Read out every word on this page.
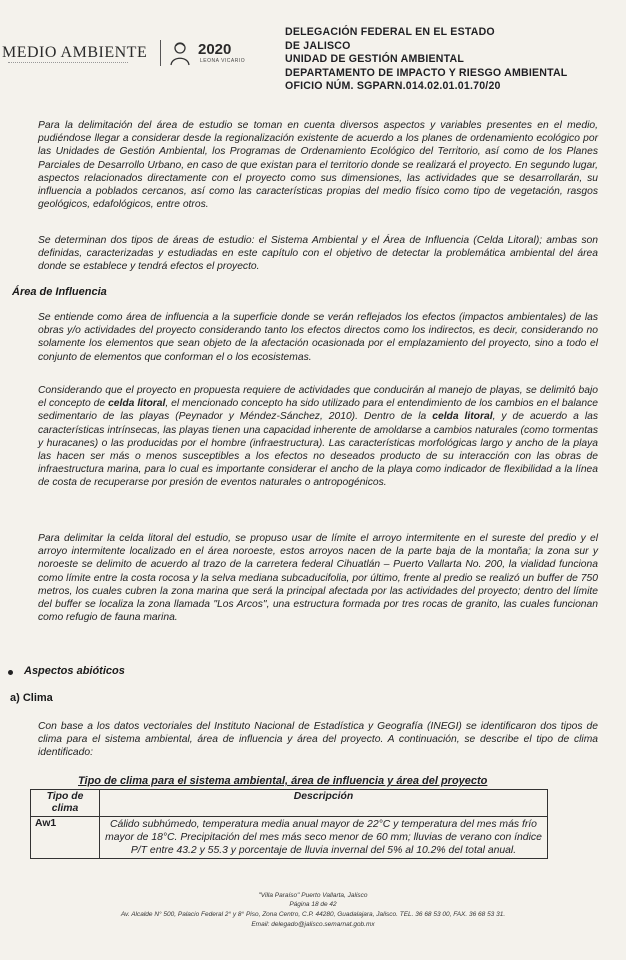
MEDIO AMBIENTE	2020
LEONA VICARIO
DELEGACIÓN FEDERAL EN EL ESTADO
DE JALISCO
UNIDAD DE GESTIÓN AMBIENTAL
DEPARTAMENTO DE IMPACTO Y RIESGO AMBIENTAL
OFICIO NÚM. SGPARN.014.02.01.01.70/20
Para la delimitación del área de estudio se toman en cuenta diversos aspectos y variables presentes en el medio, pudiéndose llegar a considerar desde la regionalización existente de acuerdo a los planes de ordenamiento ecológico por las Unidades de Gestión Ambiental, los Programas de Ordenamiento Ecológico del Territorio, así como de los Planes Parciales de Desarrollo Urbano, en caso de que existan para el territorio donde se realizará el proyecto. En segundo lugar, aspectos relacionados directamente con el proyecto como sus dimensiones, las actividades que se desarrollarán, su influencia a poblados cercanos, así como las características propias del medio físico como tipo de vegetación, rasgos geológicos, edafológicos, entre otros.
Se determinan dos tipos de áreas de estudio: el Sistema Ambiental y el Área de Influencia (Celda Litoral); ambas son definidas, caracterizadas y estudiadas en este capítulo con el objetivo de detectar la problemática ambiental del área donde se establece y tendrá efectos el proyecto.
Área de Influencia
Se entiende como área de influencia a la superficie donde se verán reflejados los efectos (impactos ambientales) de las obras y/o actividades del proyecto considerando tanto los efectos directos como los indirectos, es decir, considerando no solamente los elementos que sean objeto de la afectación ocasionada por el emplazamiento del proyecto, sino a todo el conjunto de elementos que conforman el o los ecosistemas.
Considerando que el proyecto en propuesta requiere de actividades que conducirán al manejo de playas, se delimitó bajo el concepto de celda litoral, el mencionado concepto ha sido utilizado para el entendimiento de los cambios en el balance sedimentario de las playas (Peynador y Méndez-Sánchez, 2010). Dentro de la celda litoral, y de acuerdo a las características intrínsecas, las playas tienen una capacidad inherente de amoldarse a cambios naturales (como tormentas y huracanes) o las producidas por el hombre (infraestructura). Las características morfológicas largo y ancho de la playa las hacen ser más o menos susceptibles a los efectos no deseados producto de su interacción con las obras de infraestructura marina, para lo cual es importante considerar el ancho de la playa como indicador de flexibilidad a la línea de costa de recuperarse por presión de eventos naturales o antropogénicos.
Para delimitar la celda litoral del estudio, se propuso usar de límite el arroyo intermitente en el sureste del predio y el arroyo intermitente localizado en el área noroeste, estos arroyos nacen de la parte baja de la montaña; la zona sur y noroeste se delimito de acuerdo al trazo de la carretera federal Cihuatlán – Puerto Vallarta No. 200, la vialidad funciona como límite entre la costa rocosa y la selva mediana subcaducifolia, por último, frente al predio se realizó un buffer de 750 metros, los cuales cubren la zona marina que será la principal afectada por las actividades del proyecto; dentro del límite del buffer se localiza la zona llamada "Los Arcos", una estructura formada por tres rocas de granito, las cuales funcionan como refugio de fauna marina.
Aspectos abióticos
a) Clima
Con base a los datos vectoriales del Instituto Nacional de Estadística y Geografía (INEGI) se identificaron dos tipos de clima para el sistema ambiental, área de influencia y área del proyecto. A continuación, se describe el tipo de clima identificado:
Tipo de clima para el sistema ambiental, área de influencia y área del proyecto
Tipo de clima	Descripción
Aw1	Cálido subhúmedo, temperatura media anual mayor de 22°C y temperatura del mes más frío mayor de 18°C. Precipitación del mes más seco menor de 60 mm; lluvias de verano con índice P/T entre 43.2 y 55.3 y porcentaje de lluvia invernal del 5% al 10.2% del total anual.
"Villa Paraíso" Puerto Vallarta, Jalisco
Página 18 de 42
Av. Alcalde N° 500, Palacio Federal 2° y 8° Piso, Zona Centro, C.P. 44280, Guadalajara, Jalisco. TEL. 36 68 53 00, FAX. 36 68 53 31.
Email: delegado@jalisco.semarnat.gob.mx
